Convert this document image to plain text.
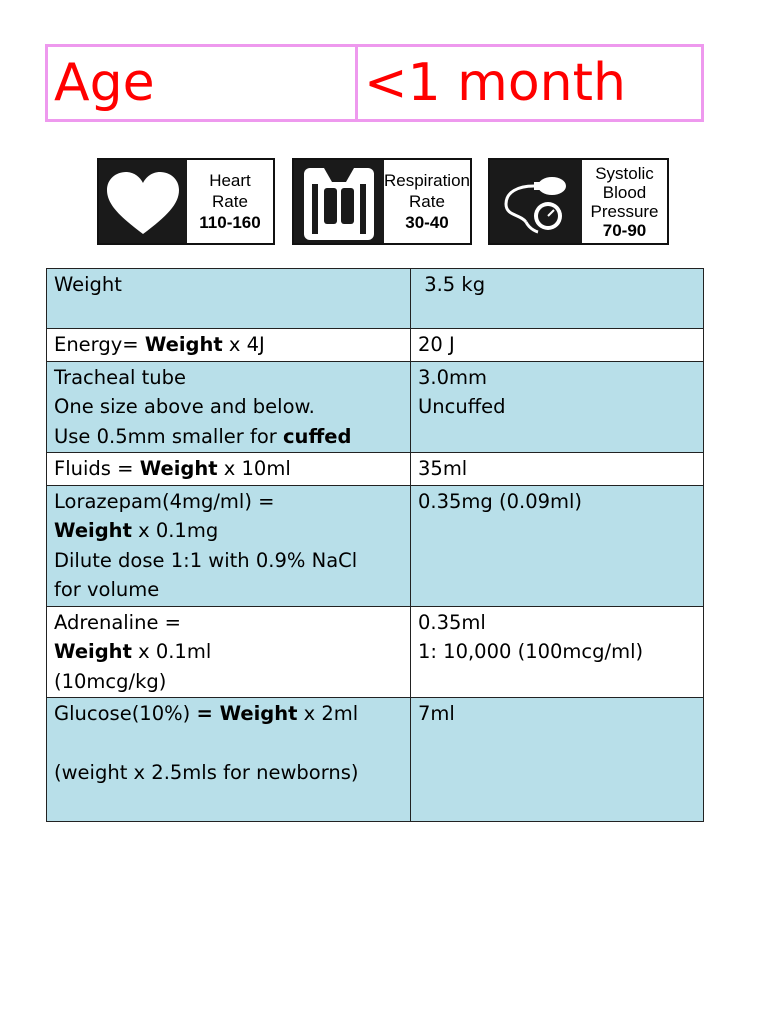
Age	<1 month
Heart
Rate
110-160
Respiration
Rate
30-40
Systolic
Blood
Pressure
70-90
Weight	3.5 kg
Energy= Weight x 4J	20 J

Tracheal tube
One size above and below.
Use 0.5mm smaller for cuffed	3.0mm
Uncuffed

Fluids = Weight x 10ml	35ml

Lorazepam(4mg/ml) =
Weight x 0.1mg
Dilute dose 1:1 with 0.9% NaCl
for volume	0.35mg (0.09ml)

Adrenaline =
Weight x 0.1ml
(10mcg/kg)	0.35ml
1: 10,000 (100mcg/ml)

Glucose(10%) = Weight x 2ml
(weight x 2.5mls for newborns)	7ml
